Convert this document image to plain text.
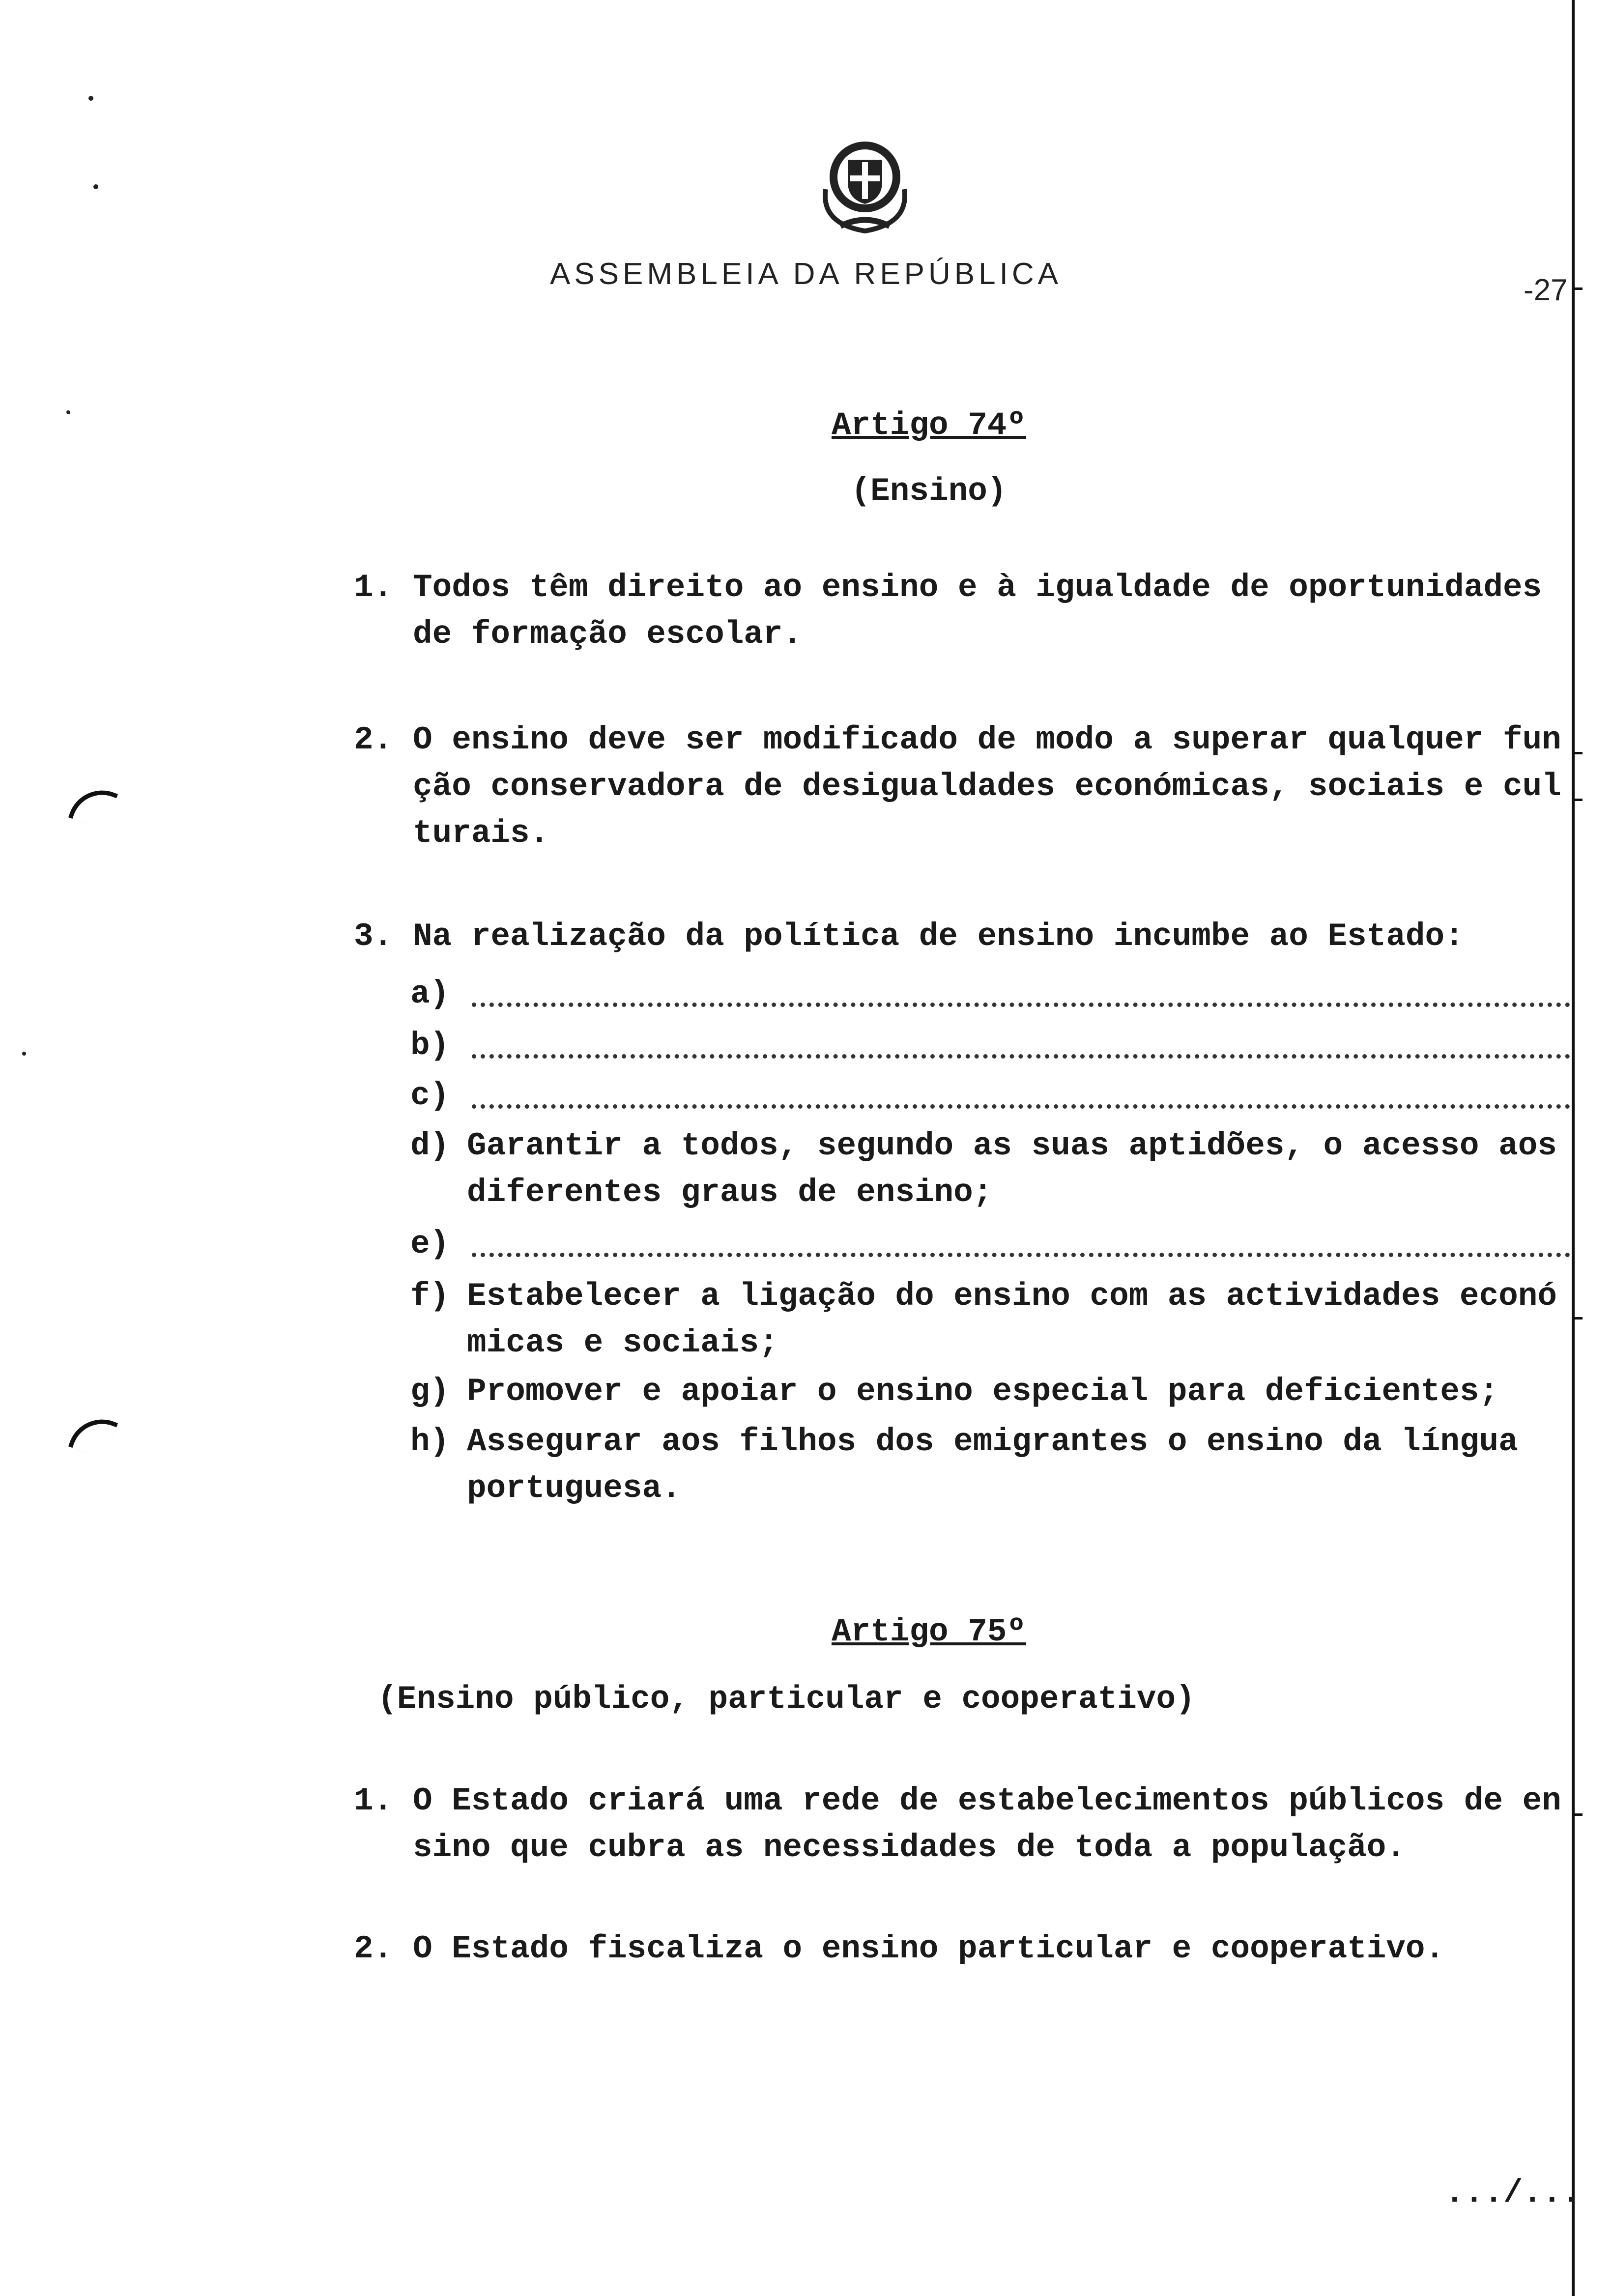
ASSEMBLEIA DA REPÚBLICA	-27
Artigo 74º
(Ensino)
1. Todos têm direito ao ensino e à igualdade de oportunidades
de formação escolar.
2. O ensino deve ser modificado de modo a superar qualquer fun
ção conservadora de desigualdades económicas, sociais e cul
turais.
3. Na realização da política de ensino incumbe ao Estado:
a)
b)
c)
d) Garantir a todos, segundo as suas aptidões, o acesso aos
diferentes graus de ensino;
e)
f) Estabelecer a ligação do ensino com as actividades econó
micas e sociais;
g) Promover e apoiar o ensino especial para deficientes;
h) Assegurar aos filhos dos emigrantes o ensino da língua
portuguesa.
Artigo 75º
(Ensino público, particular e cooperativo)
1. O Estado criará uma rede de estabelecimentos públicos de en
sino que cubra as necessidades de toda a população.
2. O Estado fiscaliza o ensino particular e cooperativo.
.../...
